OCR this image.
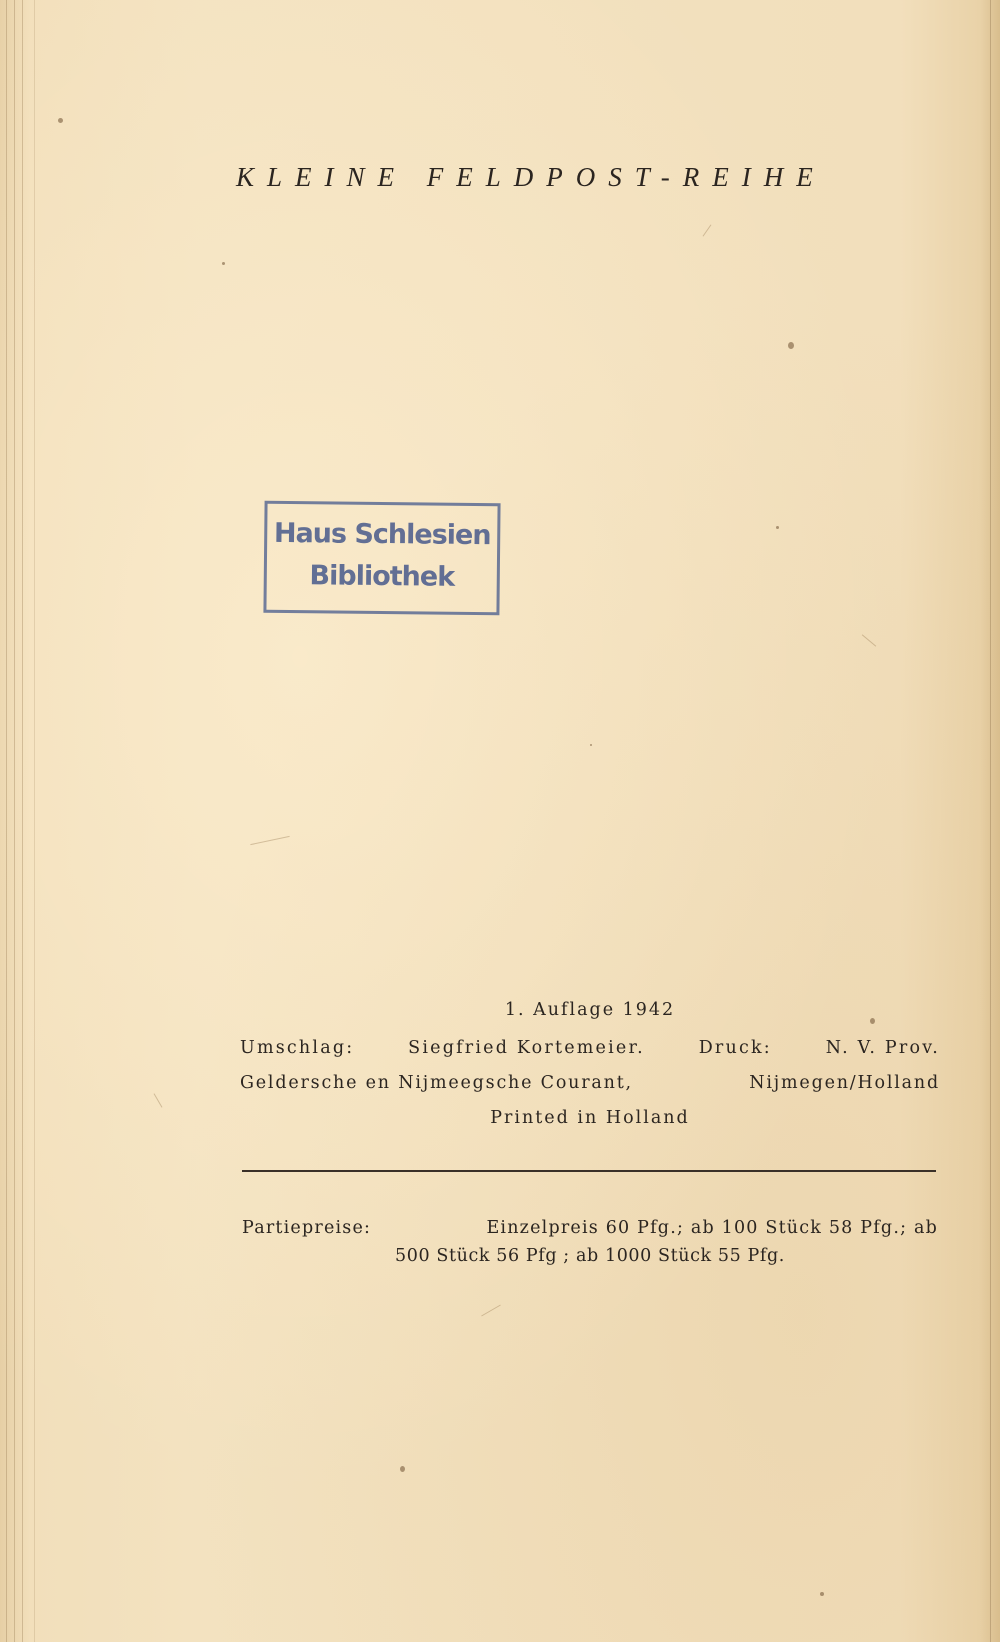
KLEINE FELDPOST-REIHE
Haus Schlesien
Bibliothek
1. Auflage 1942
Umschlag:	Siegfried Kortemeier.	Druck:	N. V. Prov.
Geldersche en Nijmeegsche Courant,	Nijmegen/Holland
Printed in Holland
Partiepreise:	Einzelpreis 60 Pfg.; ab 100 Stück 58 Pfg.; ab
500 Stück 56 Pfg ; ab 1000 Stück 55 Pfg.
